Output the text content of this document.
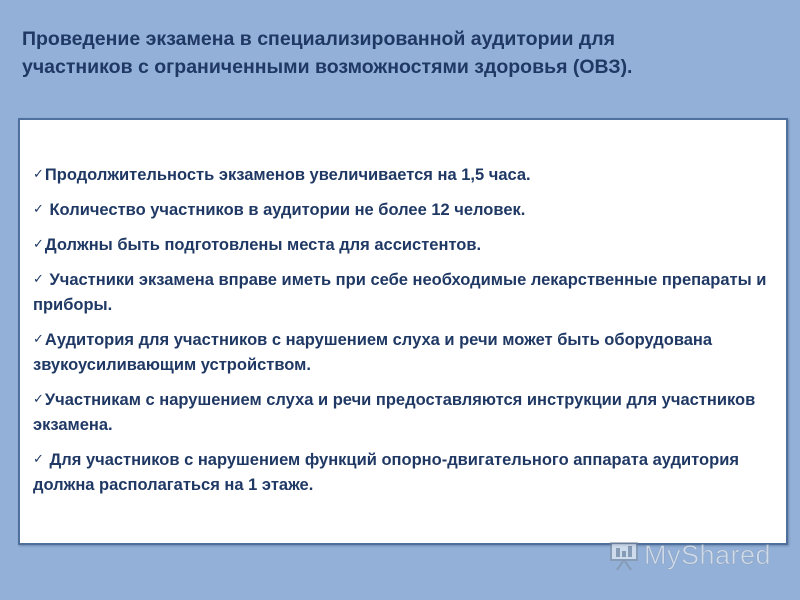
Проведение экзамена в специализированной аудитории для
участников с ограниченными возможностями здоровья (ОВЗ).
✓Продолжительность экзаменов увеличивается на 1,5 часа.
✓ Количество участников в аудитории не более 12 человек.
✓Должны быть подготовлены места для ассистентов.
✓ Участники экзамена вправе иметь при себе необходимые лекарственные препараты и приборы.
✓Аудитория для участников с нарушением слуха и речи может быть оборудована звукоусиливающим устройством.
✓Участникам с нарушением слуха и речи предоставляются инструкции для участников экзамена.
✓ Для участников с нарушением функций опорно-двигательного аппарата аудитория должна располагаться на 1 этаже.
MyShared
